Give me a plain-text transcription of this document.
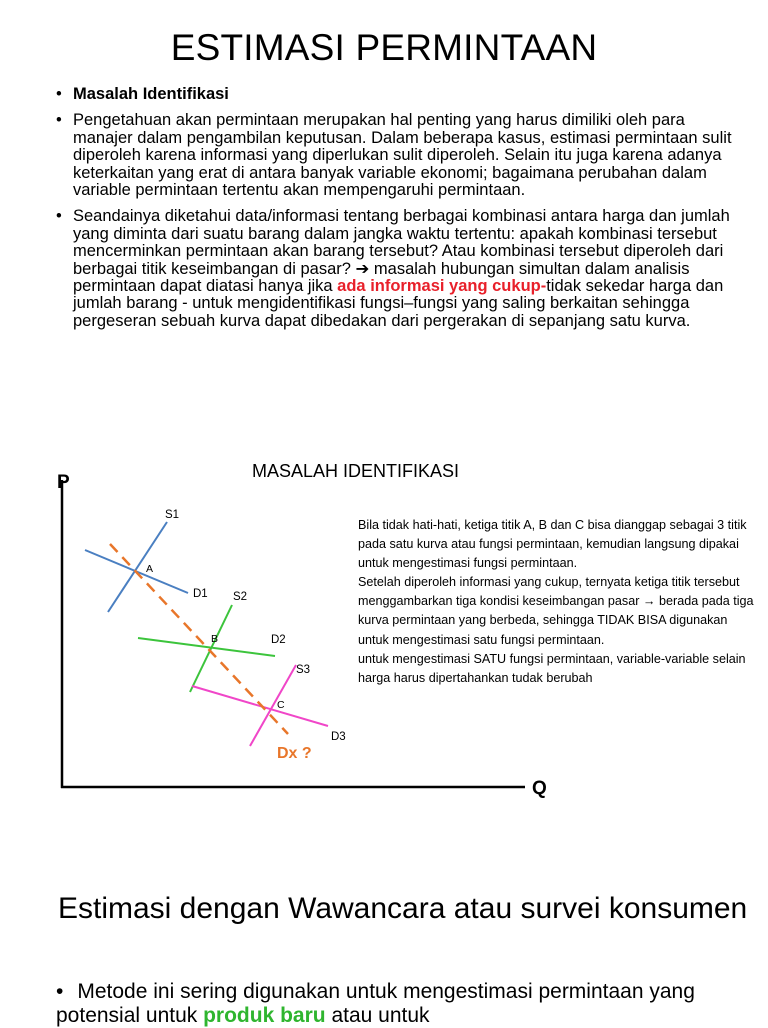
ESTIMASI PERMINTAAN
• Masalah Identifikasi
• Pengetahuan akan permintaan merupakan hal penting yang harus dimiliki oleh para manajer dalam pengambilan keputusan. Dalam beberapa kasus, estimasi permintaan sulit diperoleh karena informasi yang diperlukan sulit diperoleh. Selain itu juga karena adanya keterkaitan yang erat di antara banyak variable ekonomi; bagaimana perubahan dalam variable permintaan tertentu akan mempengaruhi permintaan.
• Seandainya diketahui data/informasi tentang berbagai kombinasi antara harga dan jumlah yang diminta dari suatu barang dalam jangka waktu tertentu: apakah kombinasi tersebut mencerminkan permintaan akan barang tersebut? Atau kombinasi tersebut diperoleh dari berbagai titik keseimbangan di pasar? ➔ masalah hubungan simultan dalam analisis permintaan dapat diatasi hanya jika ada informasi yang cukup-tidak sekedar harga dan jumlah barang - untuk mengidentifikasi fungsi–fungsi yang saling berkaitan sehingga pergeseran sebuah kurva dapat dibedakan dari pergerakan di sepanjang satu kurva.
MASALAH IDENTIFIKASI
P
Q
S1
D1 S2
D2
S3
D3
A
B
C
Dx ?

Bila tidak hati-hati, ketiga titik A, B dan C bisa dianggap sebagai 3 titik pada satu kurva atau fungsi permintaan, kemudian langsung dipakai untuk mengestimasi fungsi permintaan.

Setelah diperoleh informasi yang cukup, ternyata ketiga titik tersebut menggambarkan tiga kondisi keseimbangan pasar → berada pada tiga kurva permintaan yang berbeda, sehingga TIDAK BISA digunakan untuk mengestimasi satu fungsi permintaan.

untuk mengestimasi SATU fungsi permintaan, variable-variable selain harga harus dipertahankan tudak berubah

Estimasi dengan Wawancara atau survei konsumen
• Metode ini sering digunakan untuk mengestimasi permintaan yang potensial untuk produk baru atau untuk
